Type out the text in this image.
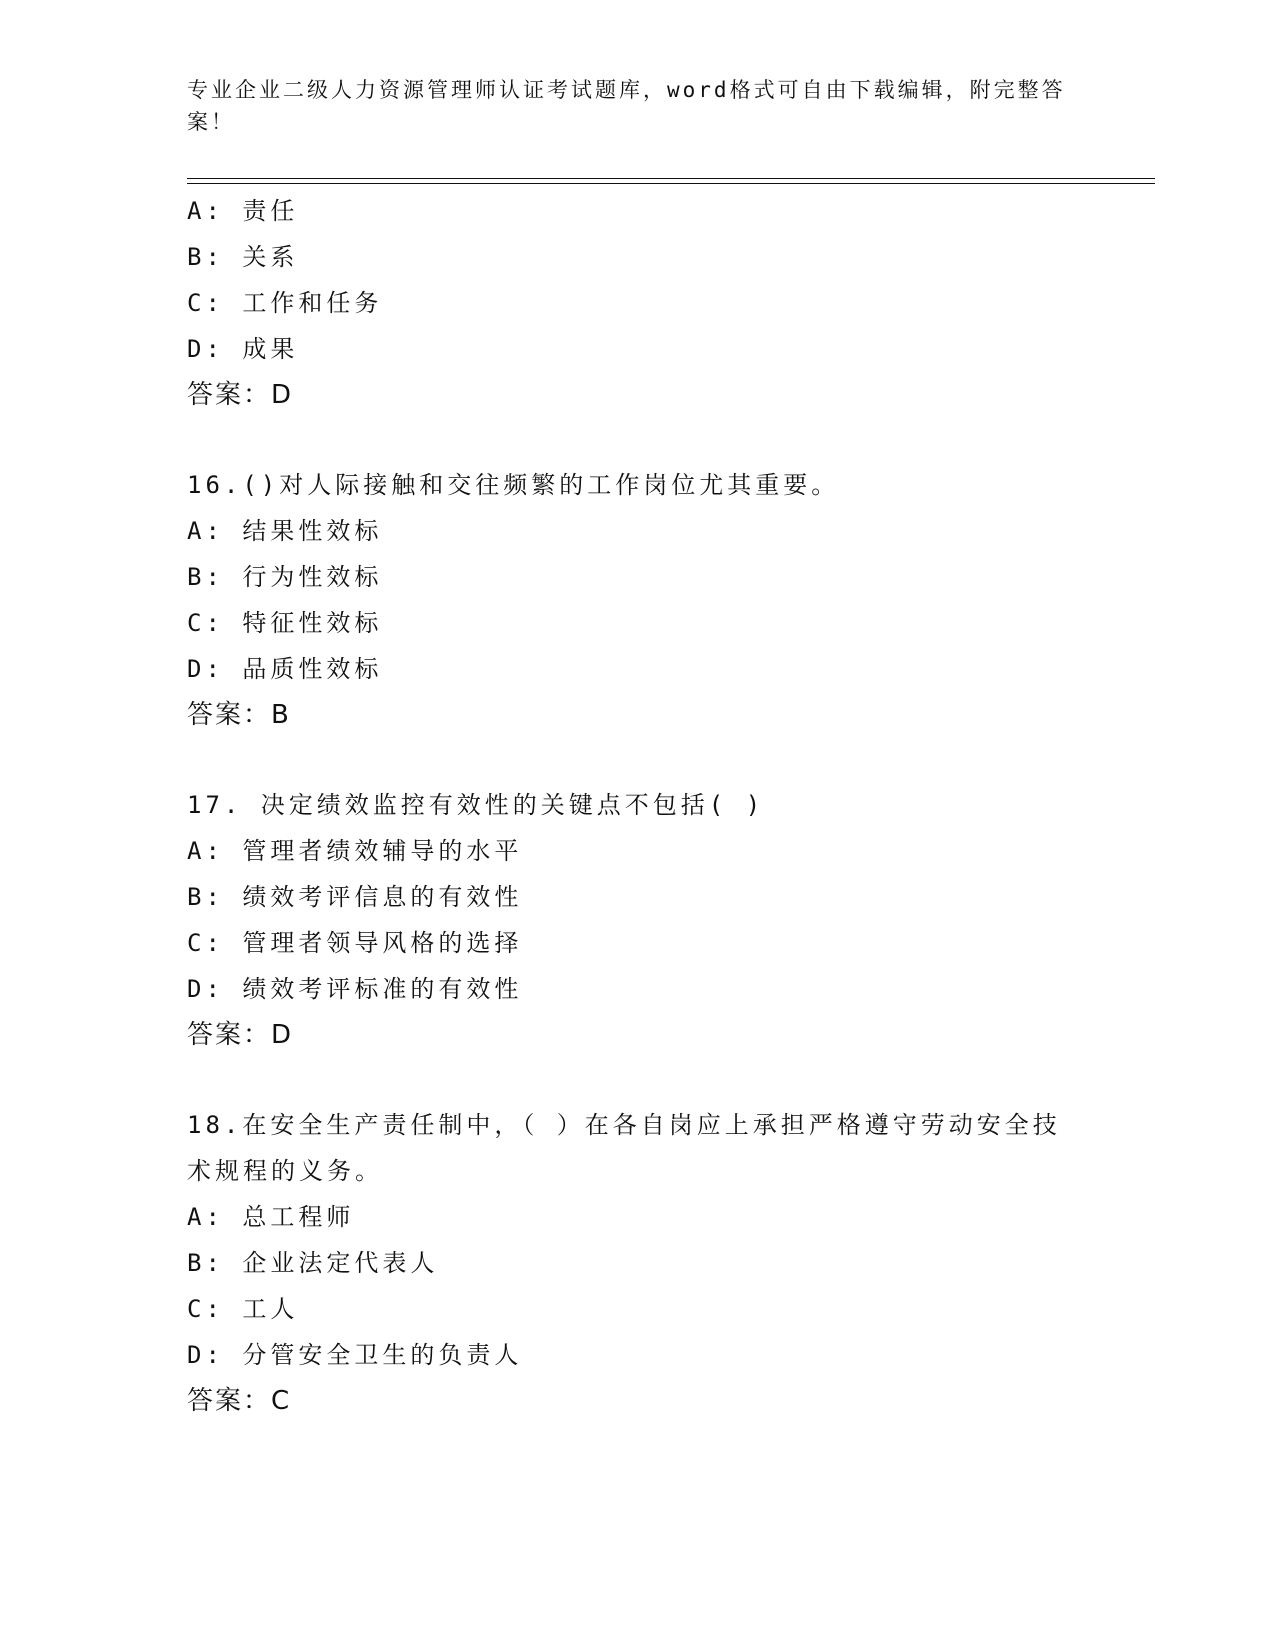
专业企业二级人力资源管理师认证考试题库，word格式可自由下载编辑，附完整答案！
A: 责任
B: 关系
C: 工作和任务
D: 成果
答案：D
16.()对人际接触和交往频繁的工作岗位尤其重要。
A: 结果性效标
B: 行为性效标
C: 特征性效标
D: 品质性效标
答案：B
17. 决定绩效监控有效性的关键点不包括( )
A: 管理者绩效辅导的水平
B: 绩效考评信息的有效性
C: 管理者领导风格的选择
D: 绩效考评标准的有效性
答案：D
18.在安全生产责任制中，（ ）在各自岗应上承担严格遵守劳动安全技术规程的义务。
A: 总工程师
B: 企业法定代表人
C: 工人
D: 分管安全卫生的负责人
答案：C
